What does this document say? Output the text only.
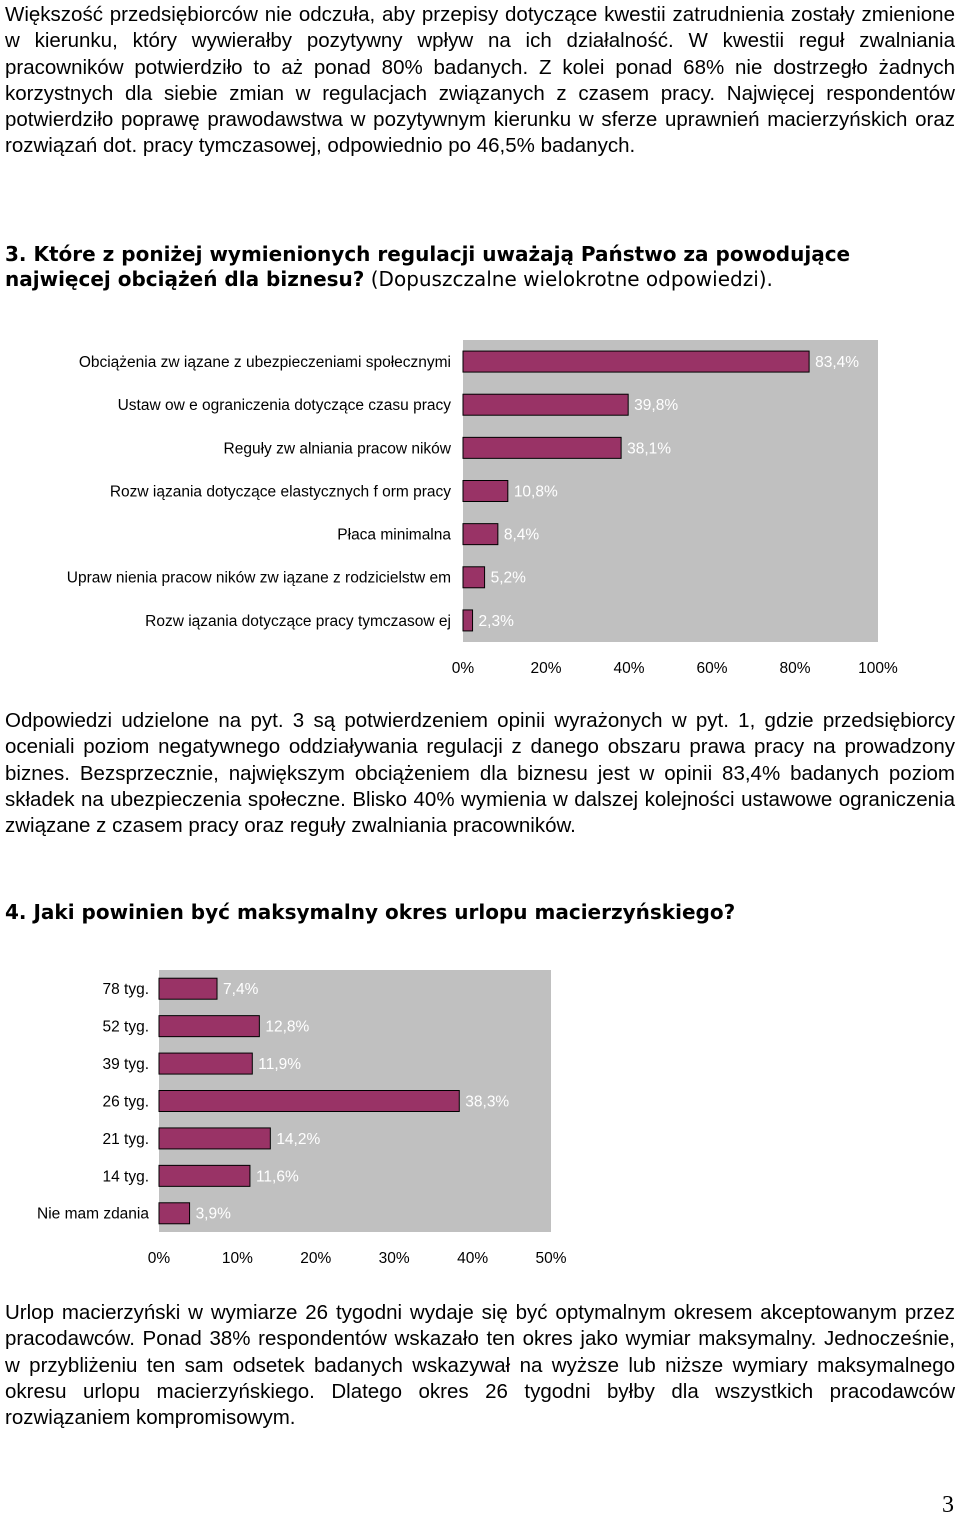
Większość przedsiębiorców nie odczuła, aby przepisy dotyczące kwestii zatrudnienia zostały zmienione w kierunku, który wywierałby pozytywny wpływ na ich działalność. W kwestii reguł zwalniania pracowników potwierdziło to aż ponad 80% badanych. Z kolei ponad 68% nie dostrzegło żadnych korzystnych dla siebie zmian w regulacjach związanych z czasem pracy. Najwięcej respondentów potwierdziło poprawę prawodawstwa w pozytywnym kierunku w sferze uprawnień macierzyńskich oraz rozwiązań dot. pracy tymczasowej, odpowiednio po 46,5% badanych.

3. Które z poniżej wymienionych regulacji uważają Państwo za powodujące najwięcej obciążeń dla biznesu? (Dopuszczalne wielokrotne odpowiedzi).

Obciążenia zw iązane z ubezpieczeniami społecznymi	83,4%
Ustaw ow e ograniczenia dotyczące czasu pracy	39,8%
Reguły zw alniania pracow ników	38,1%
Rozw iązania dotyczące elastycznych f orm pracy	10,8%
Płaca minimalna	8,4%
Upraw nienia pracow ników zw iązane z rodzicielstw em	5,2%
Rozw iązania dotyczące pracy tymczasow ej 2,3%
0%	20%	40%	60%	80%	100%

Odpowiedzi udzielone na pyt. 3 są potwierdzeniem opinii wyrażonych w pyt. 1, gdzie przedsiębiorcy oceniali poziom negatywnego oddziaływania regulacji z danego obszaru prawa pracy na prowadzony biznes. Bezsprzecznie, największym obciążeniem dla biznesu jest w opinii 83,4% badanych poziom składek na ubezpieczenia społeczne. Blisko 40% wymienia w dalszej kolejności ustawowe ograniczenia związane z czasem pracy oraz reguły zwalniania pracowników.

4. Jaki powinien być maksymalny okres urlopu macierzyńskiego?

78 tyg.	7,4%
52 tyg.	12,8%
39 tyg.	11,9%
26 tyg.	38,3%
21 tyg.	14,2%
14 tyg.	11,6%
Nie mam zdania	3,9%
0%	10%	20%	30%	40%	50%

Urlop macierzyński w wymiarze 26 tygodni wydaje się być optymalnym okresem akceptowanym przez pracodawców. Ponad 38% respondentów wskazało ten okres jako wymiar maksymalny. Jednocześnie, w przybliżeniu ten sam odsetek badanych wskazywał na wyższe lub niższe wymiary maksymalnego okresu urlopu macierzyńskiego. Dlatego okres 26 tygodni byłby dla wszystkich pracodawców rozwiązaniem kompromisowym.

3
